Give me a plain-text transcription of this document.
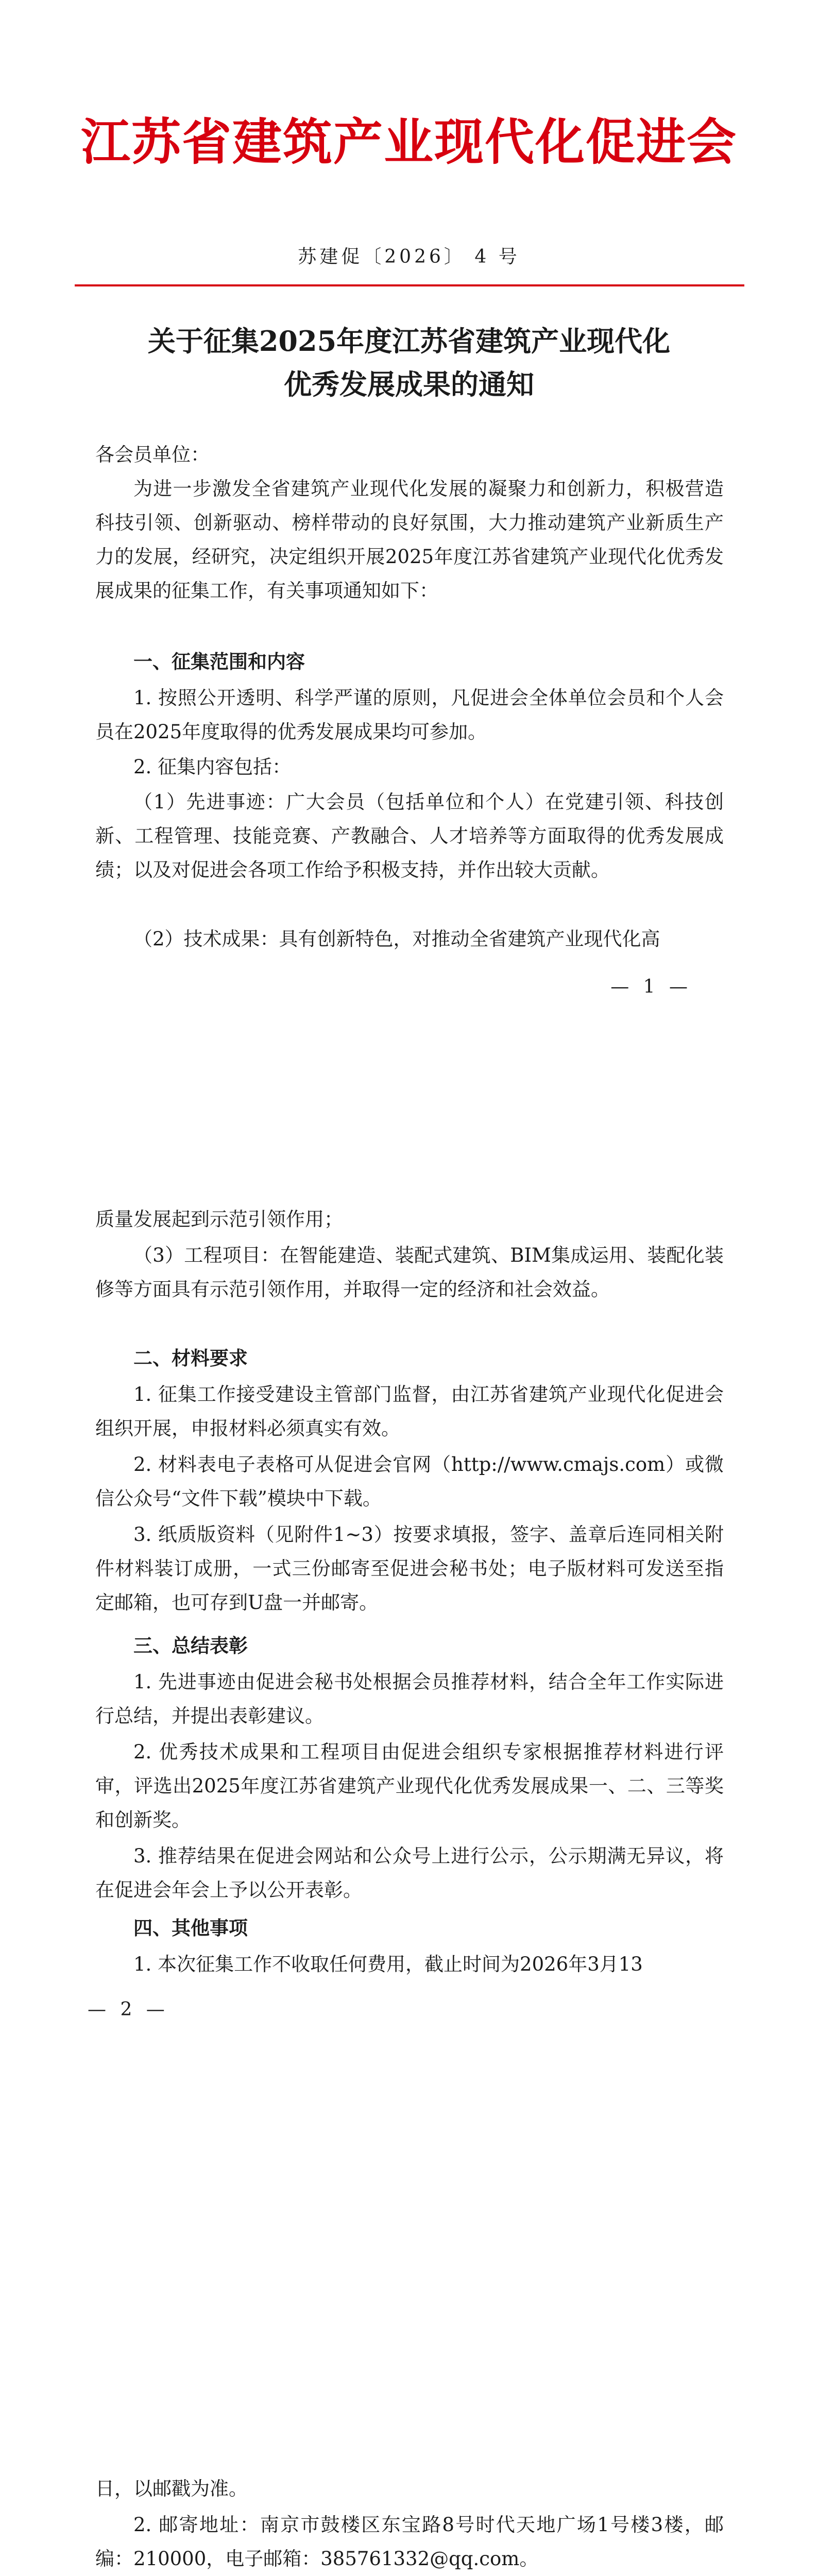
江苏省建筑产业现代化促进会
苏建促〔2026〕 4 号
关于征集2025年度江苏省建筑产业现代化
优秀发展成果的通知
各会员单位：
为进一步激发全省建筑产业现代化发展的凝聚力和创新力，积极营造科技引领、创新驱动、榜样带动的良好氛围，大力推动建筑产业新质生产力的发展，经研究，决定组织开展2025年度江苏省建筑产业现代化优秀发展成果的征集工作，有关事项通知如下：
一、征集范围和内容
1. 按照公开透明、科学严谨的原则，凡促进会全体单位会员和个人会员在2025年度取得的优秀发展成果均可参加。
2. 征集内容包括：
（1）先进事迹：广大会员（包括单位和个人）在党建引领、科技创新、工程管理、技能竞赛、产教融合、人才培养等方面取得的优秀发展成绩；以及对促进会各项工作给予积极支持，并作出较大贡献。
（2）技术成果：具有创新特色，对推动全省建筑产业现代化高
— 1 —
质量发展起到示范引领作用；
（3）工程项目：在智能建造、装配式建筑、BIM集成运用、装配化装修等方面具有示范引领作用，并取得一定的经济和社会效益。
二、材料要求
1. 征集工作接受建设主管部门监督，由江苏省建筑产业现代化促进会组织开展，申报材料必须真实有效。
2. 材料表电子表格可从促进会官网（http://www.cmajs.com）或微信公众号“文件下载”模块中下载。
3. 纸质版资料（见附件1~3）按要求填报，签字、盖章后连同相关附件材料装订成册，一式三份邮寄至促进会秘书处；电子版材料可发送至指定邮箱，也可存到U盘一并邮寄。
三、总结表彰
1. 先进事迹由促进会秘书处根据会员推荐材料，结合全年工作实际进行总结，并提出表彰建议。
2. 优秀技术成果和工程项目由促进会组织专家根据推荐材料进行评审，评选出2025年度江苏省建筑产业现代化优秀发展成果一、二、三等奖和创新奖。
3. 推荐结果在促进会网站和公众号上进行公示，公示期满无异议，将在促进会年会上予以公开表彰。
四、其他事项
1. 本次征集工作不收取任何费用，截止时间为2026年3月13
— 2 —
日，以邮戳为准。
2. 邮寄地址：南京市鼓楼区东宝路8号时代天地广场1号楼3楼，邮编：210000，电子邮箱：385761332@qq.com。
